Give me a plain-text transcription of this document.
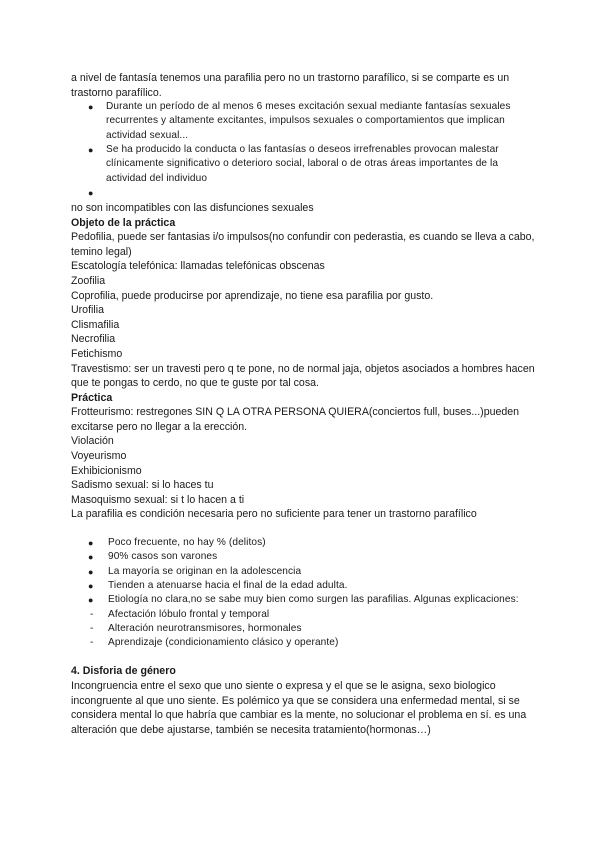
a nivel de fantasía tenemos una parafilia pero no un trastorno parafílico, si se comparte es un trastorno parafílico.

● Durante un período de al menos 6 meses excitación sexual mediante fantasías sexuales recurrentes y altamente excitantes, impulsos sexuales o comportamientos que implican actividad sexual...
● Se ha producido la conducta o las fantasías o deseos irrefrenables provocan malestar clínicamente significativo o deterioro social, laboral o de otras áreas importantes de la actividad del individuo
●

no son incompatibles con las disfunciones sexuales

Objeto de la práctica

Pedofilia, puede ser fantasias i/o impulsos(no confundir con pederastia, es cuando se lleva a cabo, temino legal)

Escatología telefónica: llamadas telefónicas obscenas

Zoofilia

Coprofilia, puede producirse por aprendizaje, no tiene esa parafilia por gusto.

Urofilia

Clismafilia

Necrofilia

Fetichismo

Travestismo: ser un travesti pero q te pone, no de normal jaja, objetos asociados a hombres hacen que te pongas to cerdo, no que te guste por tal cosa.

Práctica

Frotteurismo: restregones SIN Q LA OTRA PERSONA QUIERA(conciertos full, buses...)pueden excitarse pero no llegar a la erección.

Violación

Voyeurismo

Exhibicionismo

Sadismo sexual: si lo haces tu

Masoquismo sexual: si t lo hacen a ti

La parafilia es condición necesaria pero no suficiente para tener un trastorno parafílico

● Poco frecuente, no hay % (delitos)
● 90% casos son varones
● La mayoría se originan en la adolescencia
● Tienden a atenuarse hacia el final de la edad adulta.
● Etiología no clara,no se sabe muy bien como surgen las parafilias. Algunas explicaciones:
- Afectación lóbulo frontal y temporal
- Alteración neurotransmisores, hormonales
- Aprendizaje (condicionamiento clásico y operante)

4. Disforia de género

Incongruencia entre el sexo que uno siente o expresa y el que se le asigna, sexo biologico incongruente al que uno siente. Es polémico ya que se considera una enfermedad mental, si se considera mental lo que habría que cambiar es la mente, no solucionar el problema en sí. es una alteración que debe ajustarse, también se necesita tratamiento(hormonas…)
